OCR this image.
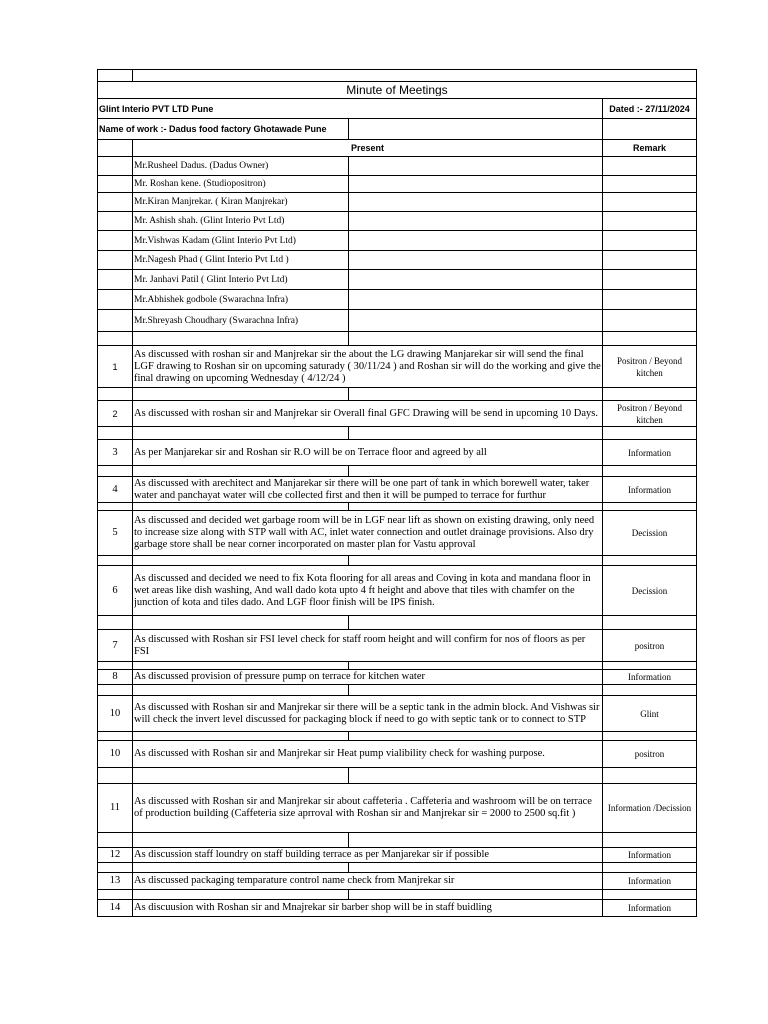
Minute of Meetings			

Glint Interio PVT LTD Pune			Dated :- 27/11/2024

Name of work :- Dadus food factory Ghotawade Pune			

	Present		Remark

	Mr.Rusheel Dadus. (Dadus Owner)		

	Mr. Roshan kene. (Studiopositron)		

	Mr.Kiran Manjrekar. ( Kiran Manjrekar)		

	Mr. Ashish shah. (Glint Interio Pvt Ltd)		

	Mr.Vishwas Kadam (Glint Interio Pvt Ltd)		

	Mr.Nagesh Phad ( Glint Interio Pvt Ltd )		

	Mr. Janhavi Patil ( Glint Interio Pvt Ltd)		

	Mr.Abhishek godbole (Swarachna Infra)		

	Mr.Shreyash Choudhary (Swarachna Infra)		

1	As discussed with roshan sir and Manjrekar sir the about the LG drawing Manjarekar sir will send the final LGF drawing to Roshan sir on upcoming saturady ( 30/11/24 ) and Roshan sir will do the working and give the final drawing on upcoming Wednesday ( 4/12/24 )		Positron / Beyond kitchen

2	As discussed with roshan sir and Manjrekar sir Overall final GFC Drawing will be send in upcoming 10 Days.		Positron / Beyond kitchen

3	As per Manjarekar sir and Roshan sir R.O will be on Terrace floor and agreed by all		Information

4	As discussed with arechitect and Manjarekar sir there will be one part of tank in which borewell water, taker water and panchayat water will cbe collected first and then it will be pumped to terrace for furthur		Information

5	As discussed and decided wet garbage room will be in LGF near lift as shown on existing drawing, only need to increase size along with STP wall with AC, inlet water connection and outlet drainage provisions. Also dry garbage store shall be near corner incorporated on master plan for Vastu approval		Decission

6	As discussed and decided we need to fix Kota flooring for all areas and Coving in kota and mandana floor in wet areas like dish washing, And wall dado kota upto 4 ft height and above that tiles with chamfer on the junction of kota and tiles dado. And LGF floor finish will be IPS finish.		Decission

7	As discussed with Roshan sir FSI level check for staff room height and will confirm for nos of floors as per FSI		positron

8	As discussed provision of pressure pump on terrace for kitchen water		Information

10	As discussed with Roshan sir and Manjrekar sir there will be a septic tank in the admin block. And Vishwas sir will check the invert level discussed for packaging block if need to go with septic tank or to connect to STP		Glint

10	As discussed with Roshan sir and Manjrekar sir Heat pump vialibility check for washing purpose.		positron

11	As discussed with Roshan sir and Manjrekar sir about caffeteria . Caffeteria and washroom will be on terrace of production building (Caffeteria size aprroval with Roshan sir and Manjrekar sir = 2000 to 2500 sq.fit )		Information /Decission

12	As discussion staff loundry on staff building terrace as per Manjarekar sir if possible		Information

13	As discussed packaging temparature control name check from Manjrekar sir		Information

14	As discuusion with Roshan sir and Mnajrekar sir barber shop will be in staff buidling		Information
